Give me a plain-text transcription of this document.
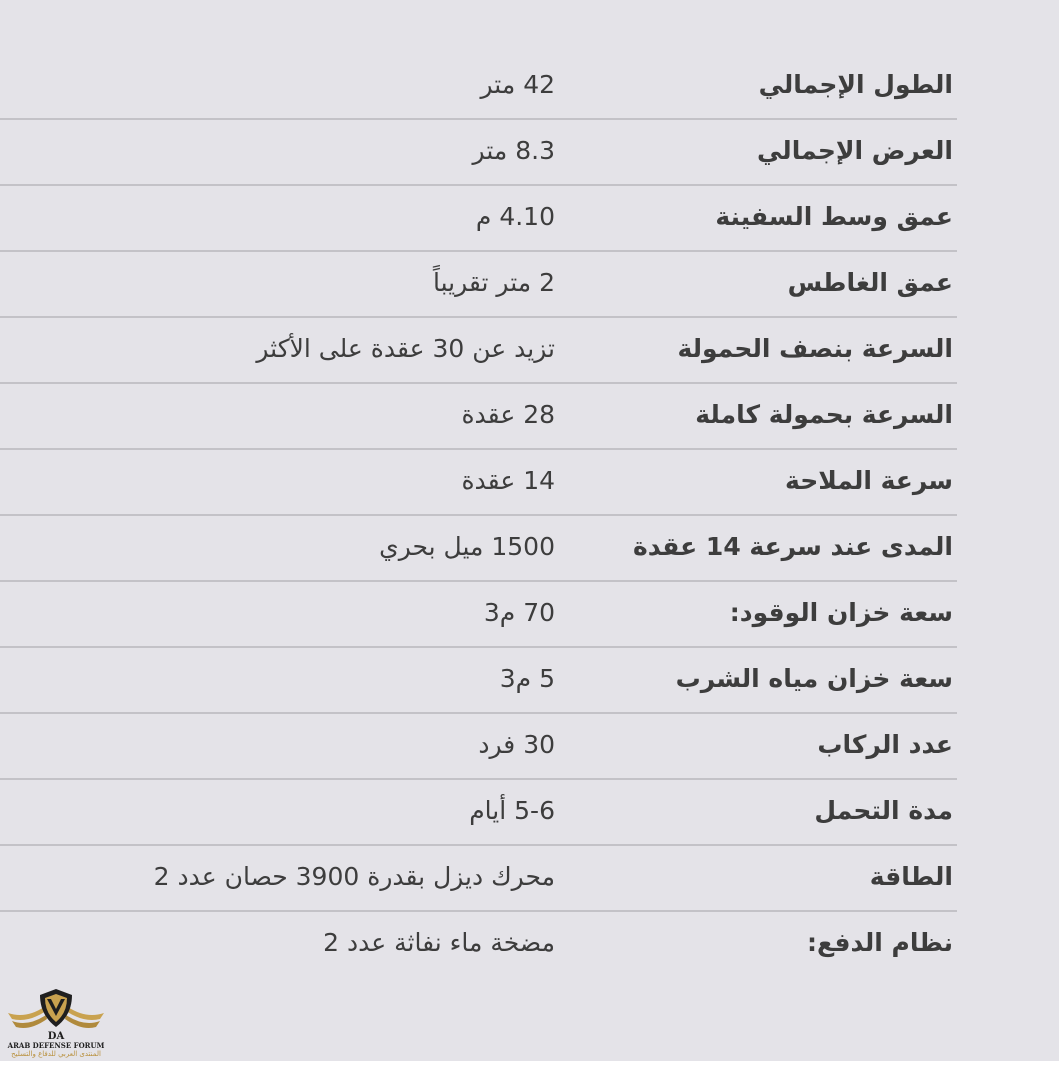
الطول الإجمالي
42 متر
العرض الإجمالي
8.3 متر
عمق وسط السفينة
4.10 م
عمق الغاطس
2 متر تقريباً
السرعة بنصف الحمولة
تزيد عن 30 عقدة على الأكثر
السرعة بحمولة كاملة
28 عقدة
سرعة الملاحة
14 عقدة
المدى عند سرعة 14 عقدة
1500 ميل بحري
سعة خزان الوقود:
70 م3
سعة خزان مياه الشرب
5 م3
عدد الركاب
30 فرد
مدة التحمل
5-6 أيام
الطاقة
محرك ديزل بقدرة 3900 حصان عدد 2
نظام الدفع:
مضخة ماء نفاثة عدد 2
DA
ARAB DEFENSE FORUM
المنتدى العربي للدفاع والتسليح
